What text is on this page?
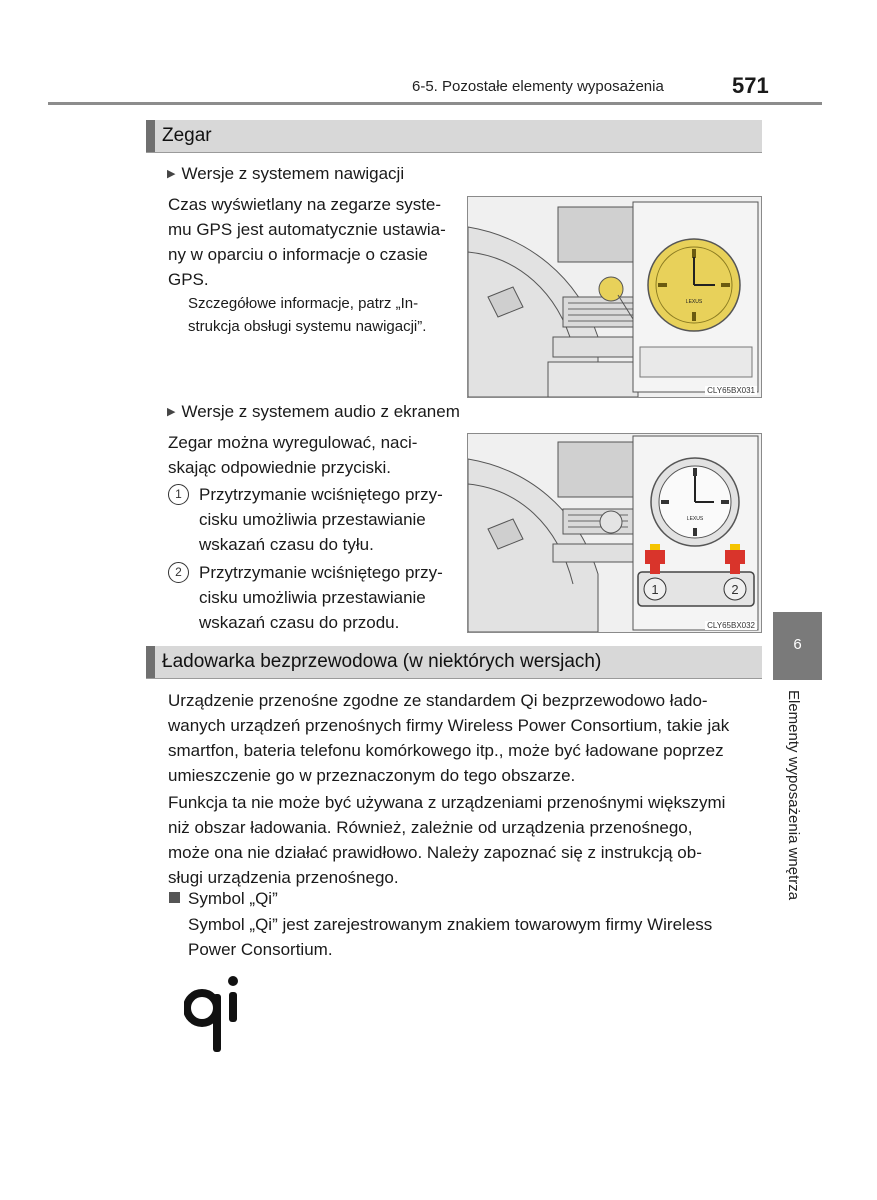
6-5. Pozostałe elementy wyposażenia	571
Zegar
▶ Wersje z systemem nawigacji
Czas wyświetlany na zegarze syste-
mu GPS jest automatycznie ustawia-
ny w oparciu o informacje o czasie
GPS.
Szczegółowe informacje, patrz „In-
strukcja obsługi systemu nawigacji”.
LEXUS
CLY65BX031
▶ Wersje z systemem audio z ekranem
Zegar można wyregulować, naci-
skając odpowiednie przyciski.
1	Przytrzymanie wciśniętego przy-
cisku umożliwia przestawianie
wskazań czasu do tyłu.
2	Przytrzymanie wciśniętego przy-
cisku umożliwia przestawianie
wskazań czasu do przodu.
LEXUS
1	2
CLY65BX032
Ładowarka bezprzewodowa (w niektórych wersjach)
Urządzenie przenośne zgodne ze standardem Qi bezprzewodowo łado-
wanych urządzeń przenośnych firmy Wireless Power Consortium, takie jak
smartfon, bateria telefonu komórkowego itp., może być ładowane poprzez
umieszczenie go w przeznaczonym do tego obszarze.
Funkcja ta nie może być używana z urządzeniami przenośnymi większymi
niż obszar ładowania. Również, zależnie od urządzenia przenośnego,
może ona nie działać prawidłowo. Należy zapoznać się z instrukcją ob-
sługi urządzenia przenośnego.
Symbol „Qi”
Symbol „Qi” jest zarejestrowanym znakiem towarowym firmy Wireless
Power Consortium.
6
Elementy wyposażenia wnętrza
